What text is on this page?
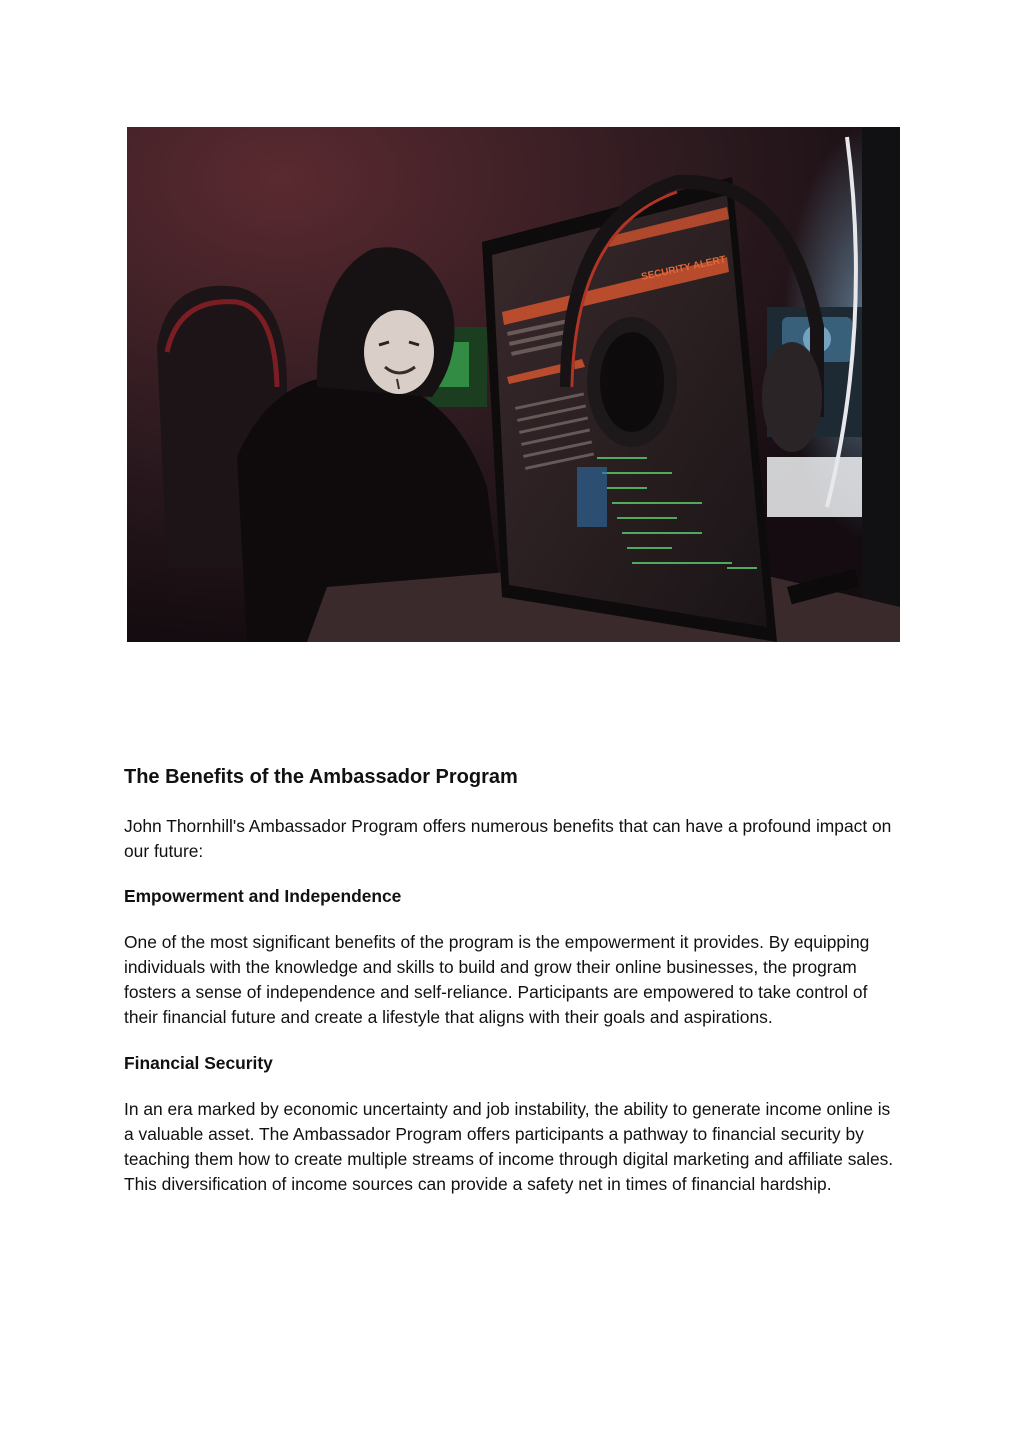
SECURITY ALERT
The Benefits of the Ambassador Program

John Thornhill's Ambassador Program offers numerous benefits that can have a profound impact on our future:

Empowerment and Independence

One of the most significant benefits of the program is the empowerment it provides. By equipping individuals with the knowledge and skills to build and grow their online businesses, the program fosters a sense of independence and self-reliance. Participants are empowered to take control of their financial future and create a lifestyle that aligns with their goals and aspirations.

Financial Security

In an era marked by economic uncertainty and job instability, the ability to generate income online is a valuable asset. The Ambassador Program offers participants a pathway to financial security by teaching them how to create multiple streams of income through digital marketing and affiliate sales. This diversification of income sources can provide a safety net in times of financial hardship.
